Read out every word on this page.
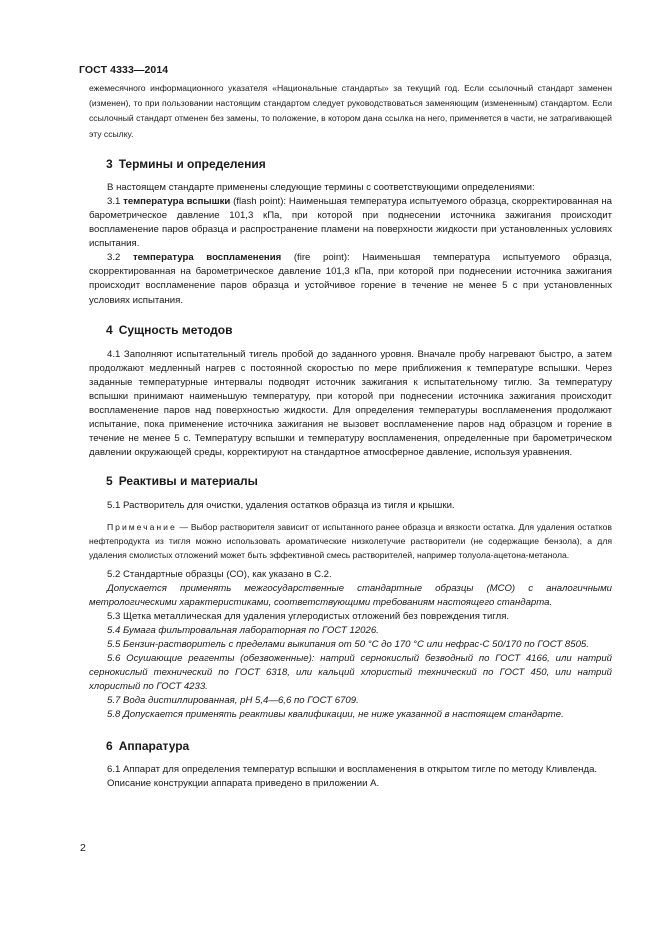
ГОСТ 4333—2014

ежемесячного информационного указателя «Национальные стандарты» за текущий год. Если ссылочный стандарт заменен (изменен), то при пользовании настоящим стандартом следует руководствоваться заменяющим (измененным) стандартом. Если ссылочный стандарт отменен без замены, то положение, в котором дана ссылка на него, применяется в части, не затрагивающей эту ссылку.

3 Термины и определения

В настоящем стандарте применены следующие термины с соответствующими определениями:

3.1 температура вспышки (flash point): Наименьшая температура испытуемого образца, скорректированная на барометрическое давление 101,3 кПа, при которой при поднесении источника зажигания происходит воспламенение паров образца и распространение пламени на поверхности жидкости при установленных условиях испытания.

3.2 температура воспламенения (fire point): Наименьшая температура испытуемого образца, скорректированная на барометрическое давление 101,3 кПа, при которой при поднесении источника зажигания происходит воспламенение паров образца и устойчивое горение в течение не менее 5 с при установленных условиях испытания.

4 Сущность методов

4.1 Заполняют испытательный тигель пробой до заданного уровня. Вначале пробу нагревают быстро, а затем продолжают медленный нагрев с постоянной скоростью по мере приближения к температуре вспышки. Через заданные температурные интервалы подводят источник зажигания к испытательному тиглю. За температуру вспышки принимают наименьшую температуру, при которой при поднесении источника зажигания происходит воспламенение паров над поверхностью жидкости. Для определения температуры воспламенения продолжают испытание, пока применение источника зажигания не вызовет воспламенение паров над образцом и горение в течение не менее 5 с. Температуру вспышки и температуру воспламенения, определенные при барометрическом давлении окружающей среды, корректируют на стандартное атмосферное давление, используя уравнения.

5 Реактивы и материалы

5.1 Растворитель для очистки, удаления остатков образца из тигля и крышки.

Примечание — Выбор растворителя зависит от испытанного ранее образца и вязкости остатка. Для удаления остатков нефтепродукта из тигля можно использовать ароматические низколетучие растворители (не содержащие бензола), а для удаления смолистых отложений может быть эффективной смесь растворителей, например толуола-ацетона-метанола.

5.2 Стандартные образцы (СО), как указано в С.2.

Допускается применять межгосударственные стандартные образцы (МСО) с аналогичными метрологическими характеристиками, соответствующими требованиям настоящего стандарта.

5.3 Щетка металлическая для удаления углеродистых отложений без повреждения тигля.

5.4 Бумага фильтровальная лабораторная по ГОСТ 12026.

5.5 Бензин-растворитель с пределами выкипания от 50 °С до 170 °С или нефрас-С 50/170 по ГОСТ 8505.

5.6 Осушающие реагенты (обезвоженные): натрий сернокислый безводный по ГОСТ 4166, или натрий сернокислый технический по ГОСТ 6318, или кальций хлористый технический по ГОСТ 450, или натрий хлористый по ГОСТ 4233.

5.7 Вода дистиллированная, pH 5,4—6,6 по ГОСТ 6709.

5.8 Допускается применять реактивы квалификации, не ниже указанной в настоящем стандарте.

6 Аппаратура

6.1 Аппарат для определения температур вспышки и воспламенения в открытом тигле по методу Кливленда.

Описание конструкции аппарата приведено в приложении А.

2
